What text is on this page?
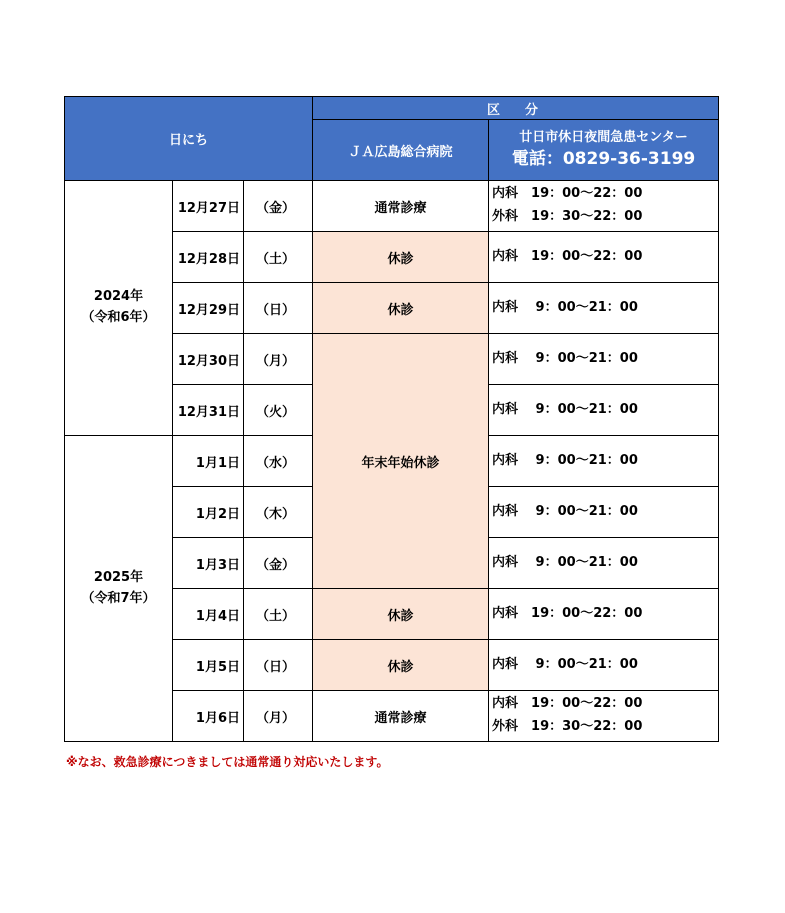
日にち			区　分	
			ＪＡ広島総合病院	廿日市休日夜間急患センター
電話：0829-36-3199

2024年
（令和6年）	12月27日	（金）	通常診療	内科　19：00～22：00
外科　19：30～22：00
	12月28日	（土）	休診	内科　19：00～22：00
	12月29日	（日）	休診	内科　 9：00～21：00
	12月30日	（月）	年末年始休診	内科　 9：00～21：00
	12月31日	（火）		内科　 9：00～21：00
2025年
（令和7年）	1月1日	（水）		内科　 9：00～21：00
	1月2日	（木）		内科　 9：00～21：00
	1月3日	（金）		内科　 9：00～21：00
	1月4日	（土）	休診	内科　19：00～22：00
	1月5日	（日）	休診	内科　 9：00～21：00
	1月6日	（月）	通常診療	内科　19：00～22：00
外科　19：30～22：00
※なお、救急診療につきましては通常通り対応いたします。
